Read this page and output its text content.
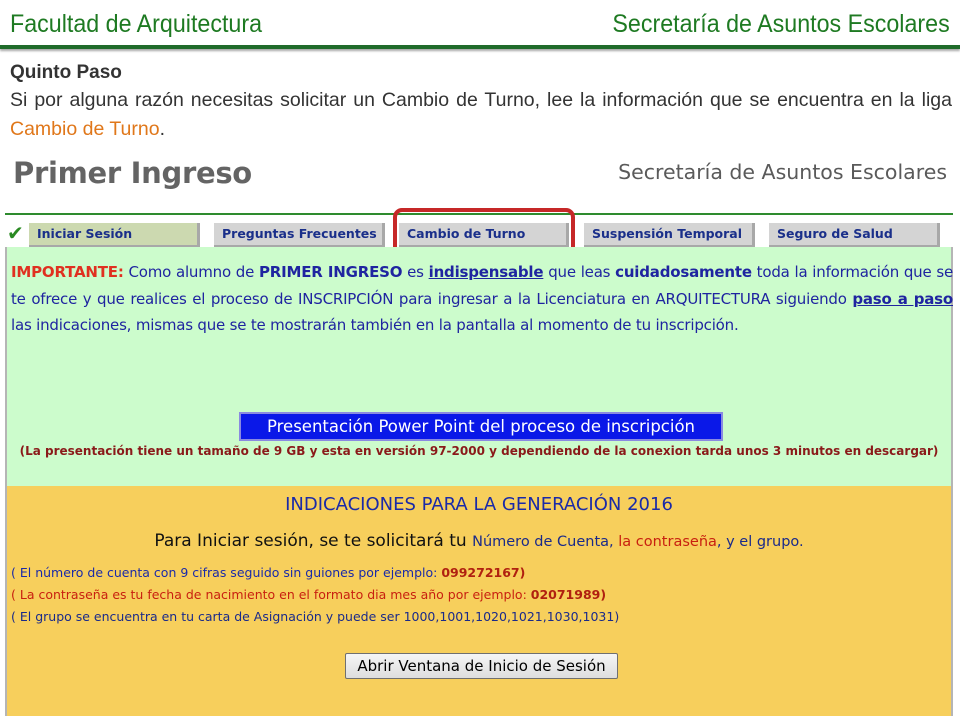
Facultad de Arquitectura	Secretaría de Asuntos Escolares
Quinto Paso
Si por alguna razón necesitas solicitar un Cambio de Turno, lee la información que se encuentra en la liga Cambio de Turno.
Primer Ingreso	Secretaría de Asuntos Escolares
✔	Iniciar Sesión	Preguntas Frecuentes	Cambio de Turno	Suspensión Temporal	Seguro de Salud
IMPORTANTE: Como alumno de PRIMER INGRESO es indispensable que leas cuidadosamente toda la información que se te ofrece y que realices el proceso de INSCRIPCIÓN para ingresar a la Licenciatura en ARQUITECTURA siguiendo paso a paso las indicaciones, mismas que se te mostrarán también en la pantalla al momento de tu inscripción.
Presentación Power Point del proceso de inscripción
(La presentación tiene un tamaño de 9 GB y esta en versión 97-2000 y dependiendo de la conexion tarda unos 3 minutos en descargar)
INDICACIONES PARA LA GENERACIÓN 2016
Para Iniciar sesión, se te solicitará tu Número de Cuenta, la contraseña, y el grupo.
( El número de cuenta con 9 cifras seguido sin guiones por ejemplo: 099272167)
( La contraseña es tu fecha de nacimiento en el formato dia mes año por ejemplo: 02071989)
( El grupo se encuentra en tu carta de Asignación y puede ser 1000,1001,1020,1021,1030,1031)
Abrir Ventana de Inicio de Sesión
